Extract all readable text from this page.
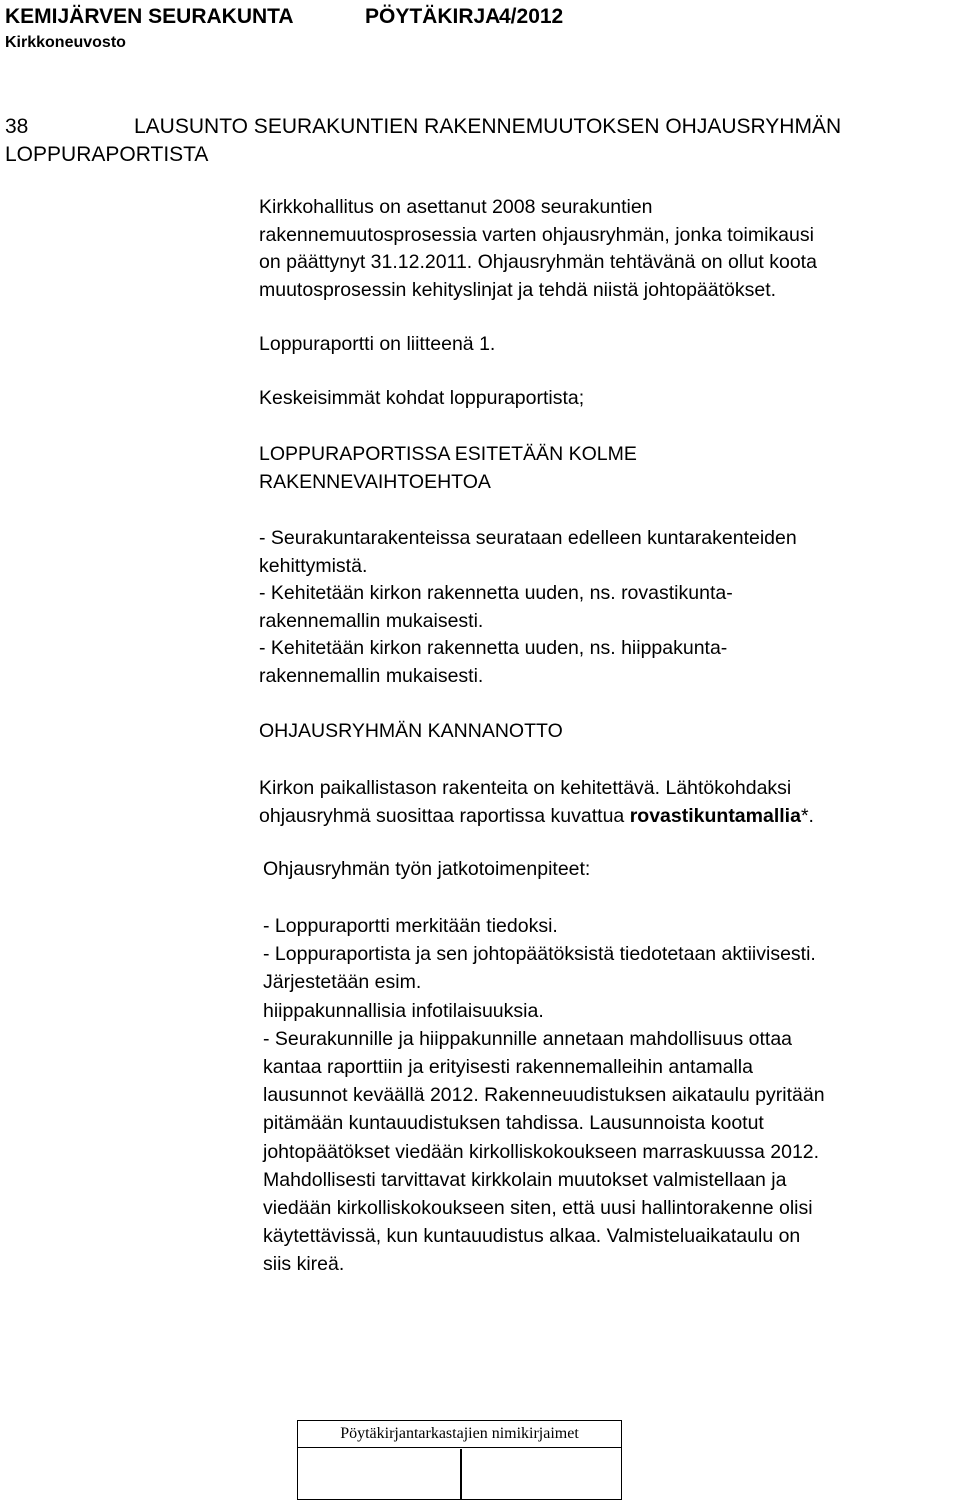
KEMIJÄRVEN SEURAKUNTA	PÖYTÄKIRJA4/2012
Kirkkoneuvosto
LAUSUNTO SEURAKUNTIEN RAKENNEMUUTOKSEN OHJAUSRYHMÄN
LOPPURAPORTISTA
38
Kirkkohallitus on asettanut 2008 seurakuntien
rakennemuutosprosessia varten ohjausryhmän, jonka toimikausi
on päättynyt 31.12.2011. Ohjausryhmän tehtävänä on ollut koota
muutosprosessin kehityslinjat ja tehdä niistä johtopäätökset.
Loppuraportti on liitteenä 1.
Keskeisimmät kohdat loppuraportista;
LOPPURAPORTISSA ESITETÄÄN KOLME
RAKENNEVAIHTOEHTOA
- Seurakuntarakenteissa seurataan edelleen kuntarakenteiden
kehittymistä.
- Kehitetään kirkon rakennetta uuden, ns. rovastikunta-
rakennemallin mukaisesti.
- Kehitetään kirkon rakennetta uuden, ns. hiippakunta-
rakennemallin mukaisesti.
OHJAUSRYHMÄN KANNANOTTO
Kirkon paikallistason rakenteita on kehitettävä. Lähtökohdaksi
ohjausryhmä suosittaa raportissa kuvattua rovastikuntamallia*.
Ohjausryhmän työn jatkotoimenpiteet:
- Loppuraportti merkitään tiedoksi.
- Loppuraportista ja sen johtopäätöksistä tiedotetaan aktiivisesti.
Järjestetään esim.
hiippakunnallisia infotilaisuuksia.
- Seurakunnille ja hiippakunnille annetaan mahdollisuus ottaa
kantaa raporttiin ja erityisesti rakennemalleihin antamalla
lausunnot keväällä 2012. Rakenneuudistuksen aikataulu pyritään
pitämään kuntauudistuksen tahdissa. Lausunnoista kootut
johtopäätökset viedään kirkolliskokoukseen marraskuussa 2012.
Mahdollisesti tarvittavat kirkkolain muutokset valmistellaan ja
viedään kirkolliskokoukseen siten, että uusi hallintorakenne olisi
käytettävissä, kun kuntauudistus alkaa. Valmisteluaikataulu on
siis kireä.
Pöytäkirjantarkastajien nimikirjaimet
